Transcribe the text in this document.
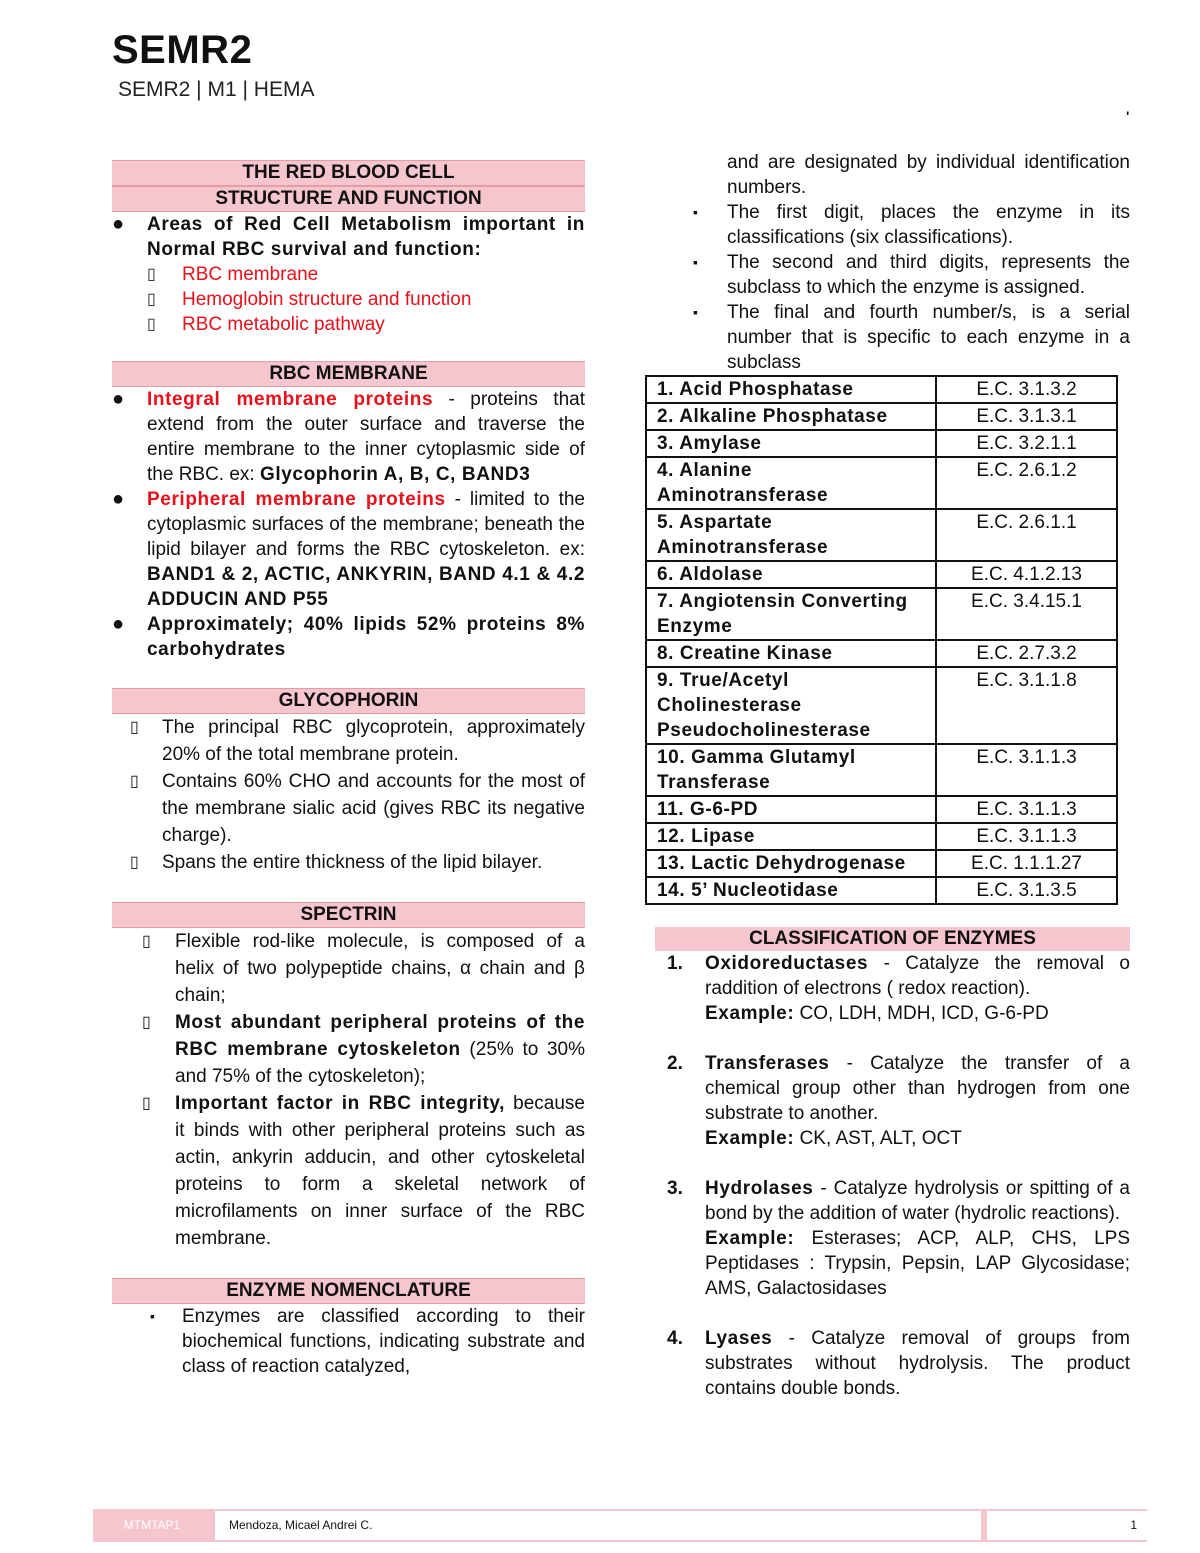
SEMR2
SEMR2 | M1 | HEMA
'
THE RED BLOOD CELL
STRUCTURE AND FUNCTION
●	Areas of Red Cell Metabolism important in Normal RBC survival and function:
▯	RBC membrane
▯	Hemoglobin structure and function
▯	RBC metabolic pathway
RBC MEMBRANE
●	Integral membrane proteins - proteins that extend from the outer surface and traverse the entire membrane to the inner cytoplasmic side of the RBC. ex: Glycophorin A, B, C, BAND3
●	Peripheral membrane proteins - limited to the cytoplasmic surfaces of the membrane; beneath the lipid bilayer and forms the RBC cytoskeleton. ex: BAND1 & 2, ACTIC, ANKYRIN, BAND 4.1 & 4.2 ADDUCIN AND P55
●	Approximately; 40% lipids 52% proteins 8% carbohydrates
GLYCOPHORIN
▯	The principal RBC glycoprotein, approximately 20% of the total membrane protein.
▯	Contains 60% CHO and accounts for the most of the membrane sialic acid (gives RBC its negative charge).
▯	Spans the entire thickness of the lipid bilayer.
SPECTRIN
▯	Flexible rod-like molecule, is composed of a helix of two polypeptide chains, α chain and β chain;
▯	Most abundant peripheral proteins of the RBC membrane cytoskeleton (25% to 30% and 75% of the cytoskeleton);
▯	Important factor in RBC integrity, because it binds with other peripheral proteins such as actin, ankyrin adducin, and other cytoskeletal proteins to form a skeletal network of microfilaments on inner surface of the RBC membrane.
ENZYME NOMENCLATURE
▪	Enzymes are classified according to their biochemical functions, indicating substrate and class of reaction catalyzed,
and are designated by individual identification numbers.
▪	The first digit, places the enzyme in its classifications (six classifications).
▪	The second and third digits, represents the subclass to which the enzyme is assigned.
▪	The final and fourth number/s, is a serial number that is specific to each enzyme in a subclass
1. Acid Phosphatase	E.C. 3.1.3.2
2. Alkaline Phosphatase	E.C. 3.1.3.1
3. Amylase	E.C. 3.2.1.1
4. Alanine Aminotransferase	E.C. 2.6.1.2
5. Aspartate Aminotransferase	E.C. 2.6.1.1
6. Aldolase	E.C. 4.1.2.13
7. Angiotensin Converting Enzyme	E.C. 3.4.15.1
8. Creatine Kinase	E.C. 2.7.3.2
9. True/Acetyl Cholinesterase Pseudocholinesterase	E.C. 3.1.1.8
10. Gamma Glutamyl Transferase	E.C. 3.1.1.3
11. G-6-PD	E.C. 3.1.1.3
12. Lipase	E.C. 3.1.1.3
13. Lactic Dehydrogenase	E.C. 1.1.1.27
14. 5’ Nucleotidase	E.C. 3.1.3.5
CLASSIFICATION OF ENZYMES
1. Oxidoreductases - Catalyze the removal o raddition of electrons ( redox reaction).
Example: CO, LDH, MDH, ICD, G-6-PD
2. Transferases - Catalyze the transfer of a chemical group other than hydrogen from one substrate to another.
Example: CK, AST, ALT, OCT
3. Hydrolases - Catalyze hydrolysis or spitting of a bond by the addition of water (hydrolic reactions).
Example: Esterases; ACP, ALP, CHS, LPS Peptidases : Trypsin, Pepsin, LAP Glycosidase; AMS, Galactosidases
4. Lyases - Catalyze removal of groups from substrates without hydrolysis. The product contains double bonds.
MTMTAP1	Mendoza, Micael Andrei C.	1
